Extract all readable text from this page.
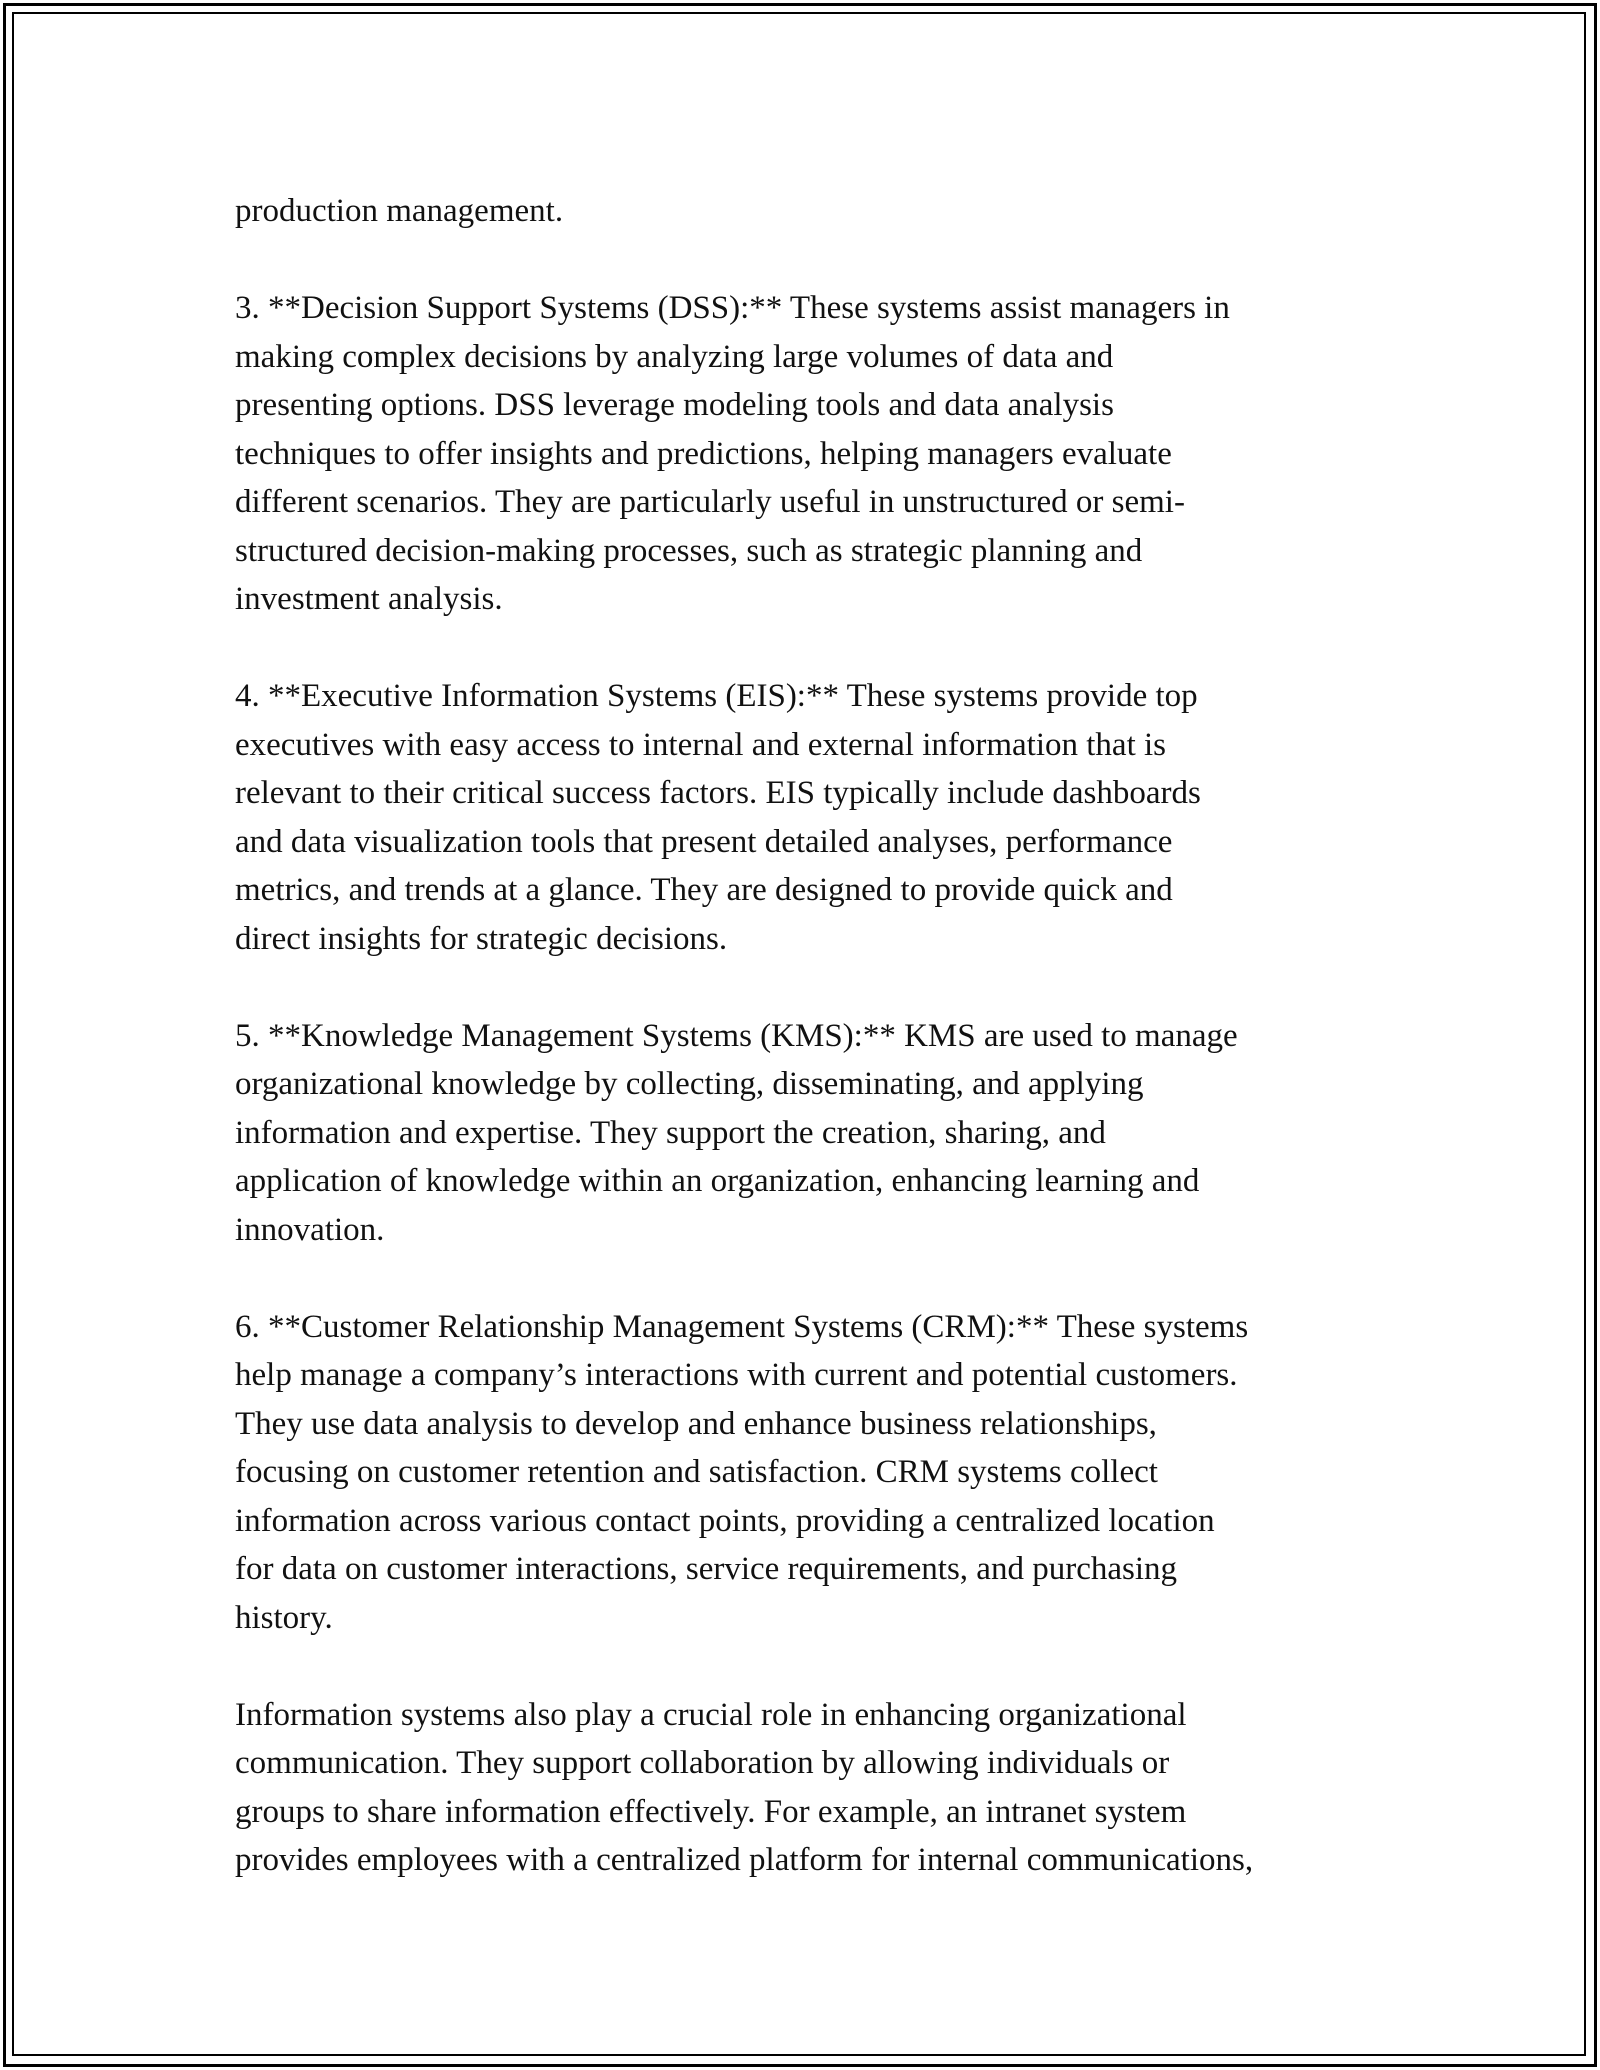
production management.

3. **Decision Support Systems (DSS):** These systems assist managers in
making complex decisions by analyzing large volumes of data and
presenting options. DSS leverage modeling tools and data analysis
techniques to offer insights and predictions, helping managers evaluate
different scenarios. They are particularly useful in unstructured or semi-
structured decision-making processes, such as strategic planning and
investment analysis.

4. **Executive Information Systems (EIS):** These systems provide top
executives with easy access to internal and external information that is
relevant to their critical success factors. EIS typically include dashboards
and data visualization tools that present detailed analyses, performance
metrics, and trends at a glance. They are designed to provide quick and
direct insights for strategic decisions.

5. **Knowledge Management Systems (KMS):** KMS are used to manage
organizational knowledge by collecting, disseminating, and applying
information and expertise. They support the creation, sharing, and
application of knowledge within an organization, enhancing learning and
innovation.

6. **Customer Relationship Management Systems (CRM):** These systems
help manage a company’s interactions with current and potential customers.
They use data analysis to develop and enhance business relationships,
focusing on customer retention and satisfaction. CRM systems collect
information across various contact points, providing a centralized location
for data on customer interactions, service requirements, and purchasing
history.

Information systems also play a crucial role in enhancing organizational
communication. They support collaboration by allowing individuals or
groups to share information effectively. For example, an intranet system
provides employees with a centralized platform for internal communications,
